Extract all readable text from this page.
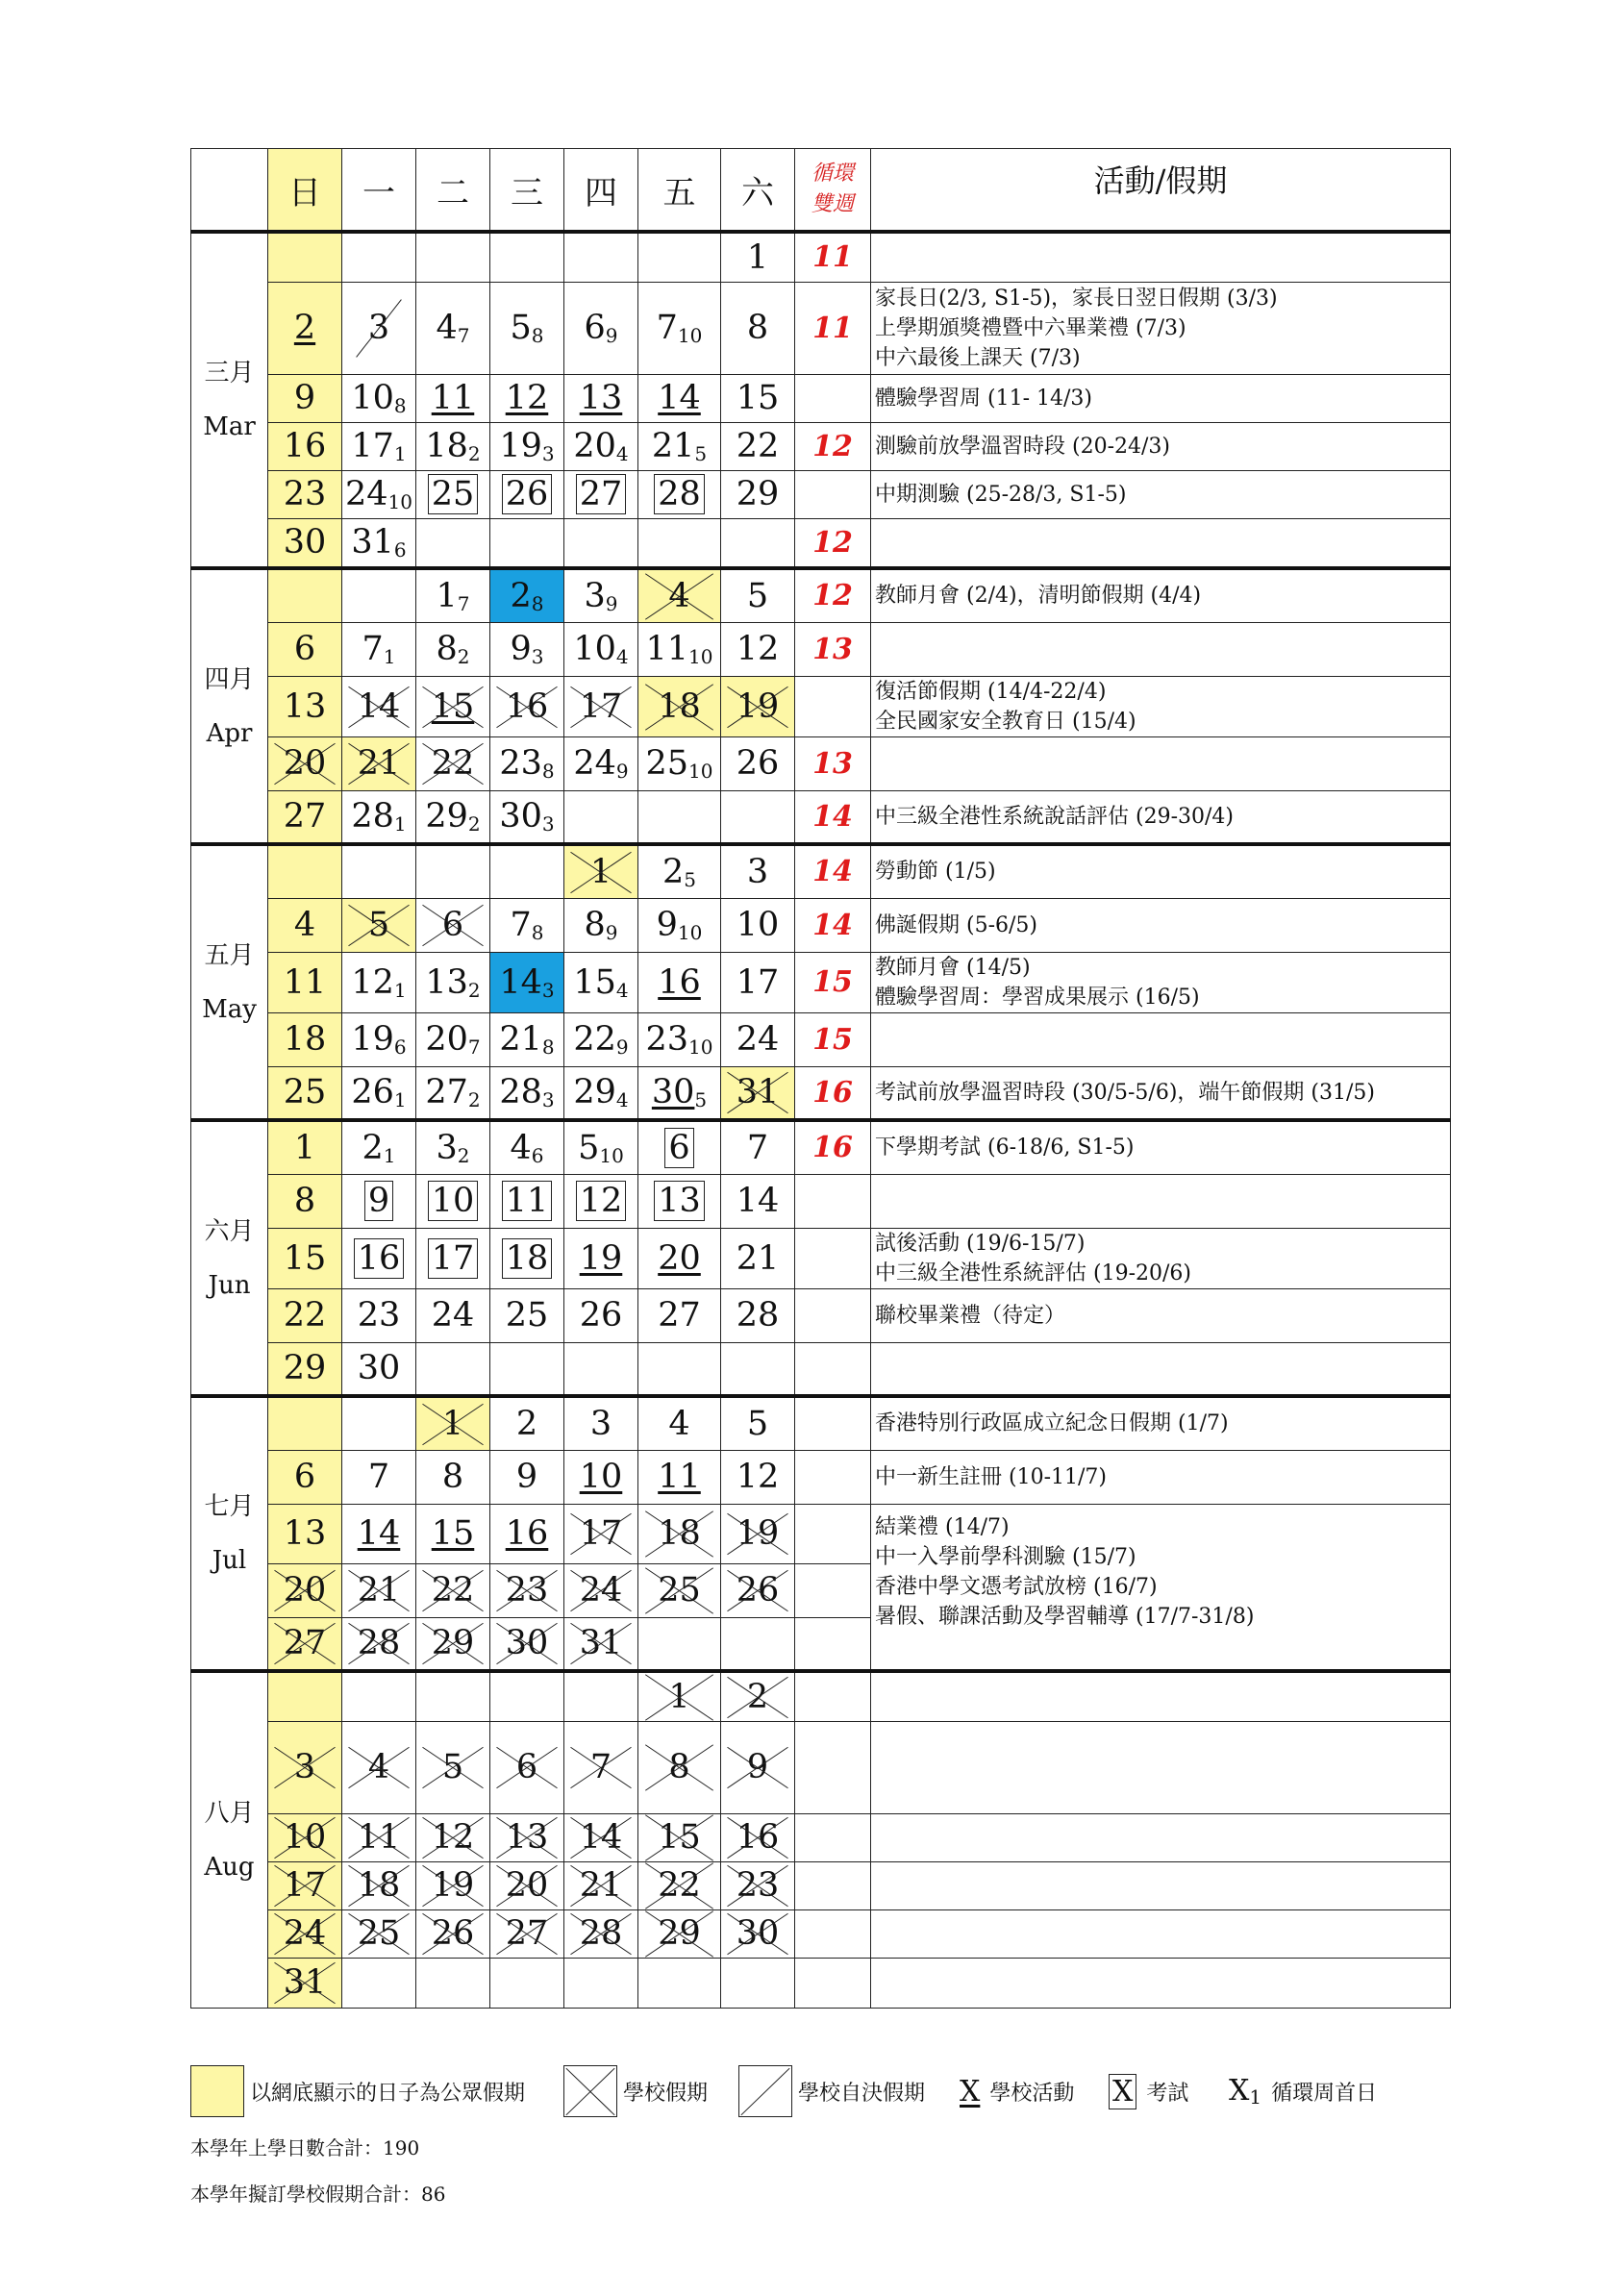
	日	一	二	三	四	五	六	循環
雙週	活動/假期

三月
Mar							1	11	
	2	3	$4_7$	$5_8$	$6_9$	$7_{10}$	8	11	家長日(2/3, S1-5)，家長日翌日假期 (3/3)
上學期頒獎禮暨中六畢業禮 (7/3)
中六最後上課天 (7/3)

	9	$10_8$	11	12	13	14	15		體驗學習周 (11- 14/3)

	16	$17_1$	$18_2$	$19_3$	$20_4$	$21_5$	22	12	測驗前放學溫習時段 (20-24/3)

	23	$24_{10}$	25	26	27	28	29		中期測驗 (25-28/3, S1-5)

	30	$31_6$						12	

四月
Apr			$1_7$	$2_8$	$3_9$	4	5	12	教師月會 (2/4)，清明節假期 (4/4)

	6	$7_1$	$8_2$	$9_3$	$10_4$	$11_{10}$	12	13	
	13	14	15	16	17	18	19		復活節假期 (14/4-22/4)
全民國家安全教育日 (15/4)

	20	21	22	$23_8$	$24_9$	$25_{10}$	26	13	
	27	$28_1$	$29_2$	$30_3$				14	中三級全港性系統說話評估 (29-30/4)

五月
May					1	$2_5$	3	14	勞動節 (1/5)

	4	5	6	$7_8$	$8_9$	$9_{10}$	10	14	佛誕假期 (5-6/5)

	11	$12_1$	$13_2$	$14_3$	$15_4$	16	17	15	教師月會 (14/5)
體驗學習周：學習成果展示 (16/5)

	18	$19_6$	$20_7$	$21_8$	$22_9$	$23_{10}$	24	15	
	25	$26_1$	$27_2$	$28_3$	$29_4$	$30_5$	31	16	考試前放學溫習時段 (30/5-5/6)，端午節假期 (31/5)

六月
Jun	1	$2_1$	$3_2$	$4_6$	$5_{10}$	6	7	16	下學期考試 (6-18/6, S1-5)

	8	9	10	11	12	13	14		
	15	16	17	18	19	20	21		試後活動 (19/6-15/7)
中三級全港性系統評估 (19-20/6)

	22	23	24	25	26	27	28		聯校畢業禮（待定）

	29	30							

七月
Jul			1	2	3	4	5		香港特別行政區成立紀念日假期 (1/7)

	6	7	8	9	10	11	12		中一新生註冊 (10-11/7)

	13	14	15	16	17	18	19		結業禮 (14/7)
中一入學前學科測驗 (15/7)
香港中學文憑考試放榜 (16/7)
暑假、聯課活動及學習輔導 (17/7-31/8)

	20	21	22	23	24	25	26		
	27	28	29	30	31				

八月
Aug						1	2		
	3	4	5	6	7	8	9		
	10	11	12	13	14	15	16		
	17	18	19	20	21	22	23		
	24	25	26	27	28	29	30		
	31								
以網底顯示的日子為公眾假期	學校假期	學校自決假期 X 學校活動 X 考試 $X_1$ 循環周首日
本學年上學日數合計：190
本學年擬訂學校假期合計：86
